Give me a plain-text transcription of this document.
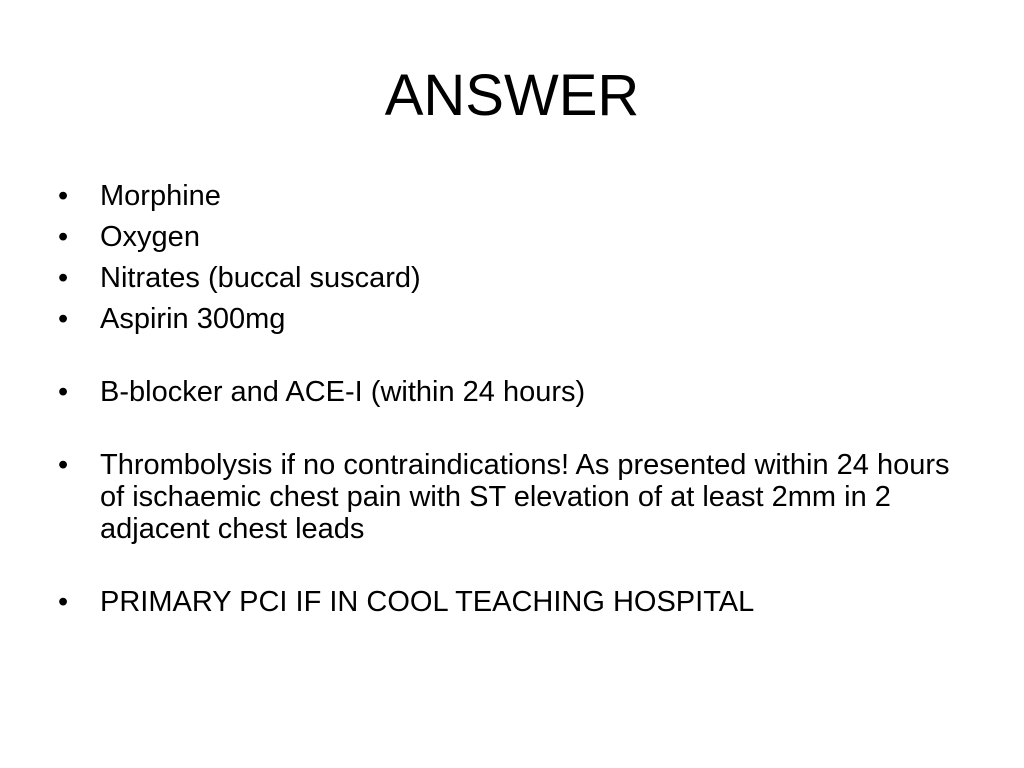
ANSWER
•	Morphine
•	Oxygen
•	Nitrates (buccal suscard)
•	Aspirin 300mg
•	B-blocker and ACE-I (within 24 hours)
•	Thrombolysis if no contraindications! As presented within 24 hours of ischaemic chest pain with ST elevation of at least 2mm in 2 adjacent chest leads
•	PRIMARY PCI IF IN COOL TEACHING HOSPITAL
